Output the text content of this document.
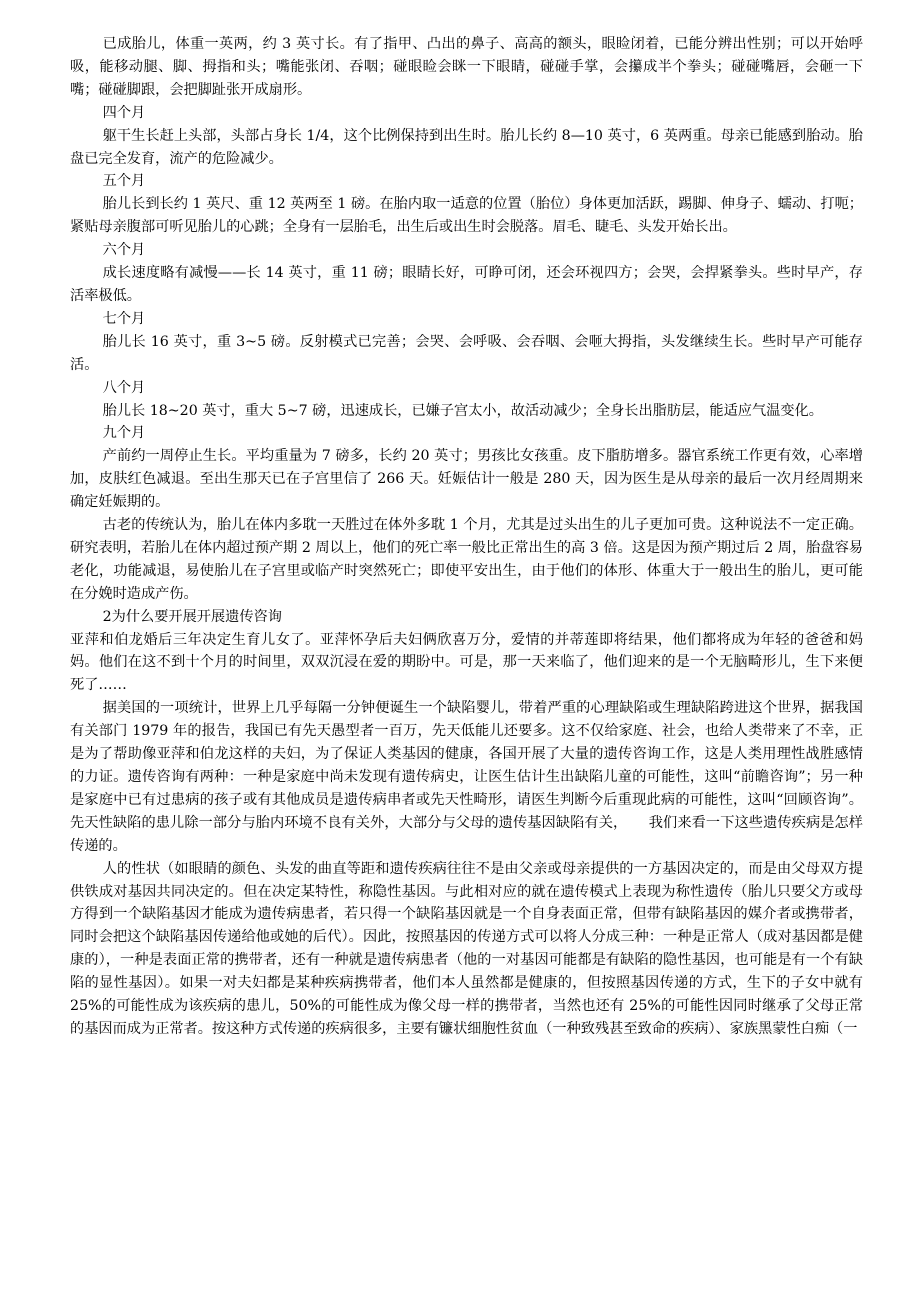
已成胎儿，体重一英两，约 3 英寸长。有了指甲、凸出的鼻子、高高的额头，眼睑闭着，已能分辨出性别；可以开始呼吸，能移动腿、脚、拇指和头；嘴能张闭、吞咽；碰眼睑会眯一下眼睛，碰碰手掌，会攥成半个拳头；碰碰嘴唇，会砸一下嘴；碰碰脚跟，会把脚趾张开成扇形。

四个月

躯干生长赶上头部，头部占身长 1/4，这个比例保持到出生时。胎儿长约 8—10 英寸，6 英两重。母亲已能感到胎动。胎盘已完全发育，流产的危险减少。

五个月

胎儿长到长约 1 英尺、重 12 英两至 1 磅。在胎内取一适意的位置（胎位）身体更加活跃，踢脚、伸身子、蠕动、打呃；紧贴母亲腹部可听见胎儿的心跳；全身有一层胎毛，出生后或出生时会脱落。眉毛、睫毛、头发开始长出。

六个月

成长速度略有减慢——长 14 英寸，重 11 磅；眼睛长好，可睁可闭，还会环视四方；会哭，会捍紧拳头。些时早产，存活率极低。

七个月

胎儿长 16 英寸，重 3~5 磅。反射模式已完善；会哭、会呼吸、会吞咽、会咂大拇指，头发继续生长。些时早产可能存活。

八个月

胎儿长 18~20 英寸，重大 5~7 磅，迅速成长，已嫌子宫太小，故活动减少；全身长出脂肪层，能适应气温变化。

九个月

产前约一周停止生长。平均重量为 7 磅多，长约 20 英寸；男孩比女孩重。皮下脂肪增多。器官系统工作更有效，心率增加，皮肤红色减退。至出生那天已在子宫里信了 266 天。妊娠估计一般是 280 天，因为医生是从母亲的最后一次月经周期来确定妊娠期的。

古老的传统认为，胎儿在体内多耽一天胜过在体外多耽 1 个月，尤其是过头出生的儿子更加可贵。这种说法不一定正确。研究表明，若胎儿在体内超过预产期 2 周以上，他们的死亡率一般比正常出生的高 3 倍。这是因为预产期过后 2 周，胎盘容易老化，功能减退，易使胎儿在子宫里或临产时突然死亡；即使平安出生，由于他们的体形、体重大于一般出生的胎儿，更可能在分娩时造成产伤。

2为什么要开展开展遗传咨询

亚萍和伯龙婚后三年决定生育儿女了。亚萍怀孕后夫妇俩欣喜万分，爱情的并蒂莲即将结果，他们都将成为年轻的爸爸和妈妈。他们在这不到十个月的时间里，双双沉浸在爱的期盼中。可是，那一天来临了，他们迎来的是一个无脑畸形儿，生下来便死了……

据美国的一项统计，世界上几乎每隔一分钟便诞生一个缺陷婴儿，带着严重的心理缺陷或生理缺陷跨进这个世界，据我国有关部门 1979 年的报告，我国已有先天愚型者一百万，先天低能儿还要多。这不仅给家庭、社会，也给人类带来了不幸，正是为了帮助像亚萍和伯龙这样的夫妇，为了保证人类基因的健康，各国开展了大量的遗传咨询工作，这是人类用理性战胜感情的力证。遗传咨询有两种：一种是家庭中尚未发现有遗传病史，让医生估计生出缺陷儿童的可能性，这叫“前瞻咨询”；另一种是家庭中已有过患病的孩子或有其他成员是遗传病串者或先天性畸形，请医生判断今后重现此病的可能性，这叫“回顾咨询”。先天性缺陷的患儿除一部分与胎内环境不良有关外，大部分与父母的遗传基因缺陷有关，　　我们来看一下这些遗传疾病是怎样传递的。

人的性状（如眼睛的颜色、头发的曲直等距和遗传疾病往往不是由父亲或母亲提供的一方基因决定的，而是由父母双方提供铁成对基因共同决定的。但在决定某特性，称隐性基因。与此相对应的就在遗传模式上表现为称性遗传（胎儿只要父方或母方得到一个缺陷基因才能成为遗传病患者，若只得一个缺陷基因就是一个自身表面正常，但带有缺陷基因的媒介者或携带者，同时会把这个缺陷基因传递给他或她的后代）。因此，按照基因的传递方式可以将人分成三种：一种是正常人（成对基因都是健康的），一种是表面正常的携带者，还有一种就是遗传病患者（他的一对基因可能都是有缺陷的隐性基因，也可能是有一个有缺陷的显性基因）。如果一对夫妇都是某种疾病携带者，他们本人虽然都是健康的，但按照基因传递的方式，生下的子女中就有 25%的可能性成为该疾病的患儿，50%的可能性成为像父母一样的携带者，当然也还有 25%的可能性因同时继承了父母正常的基因而成为正常者。按这种方式传递的疾病很多，主要有镰状细胞性贫血（一种致残甚至致命的疾病）、家族黑蒙性白痴（一
